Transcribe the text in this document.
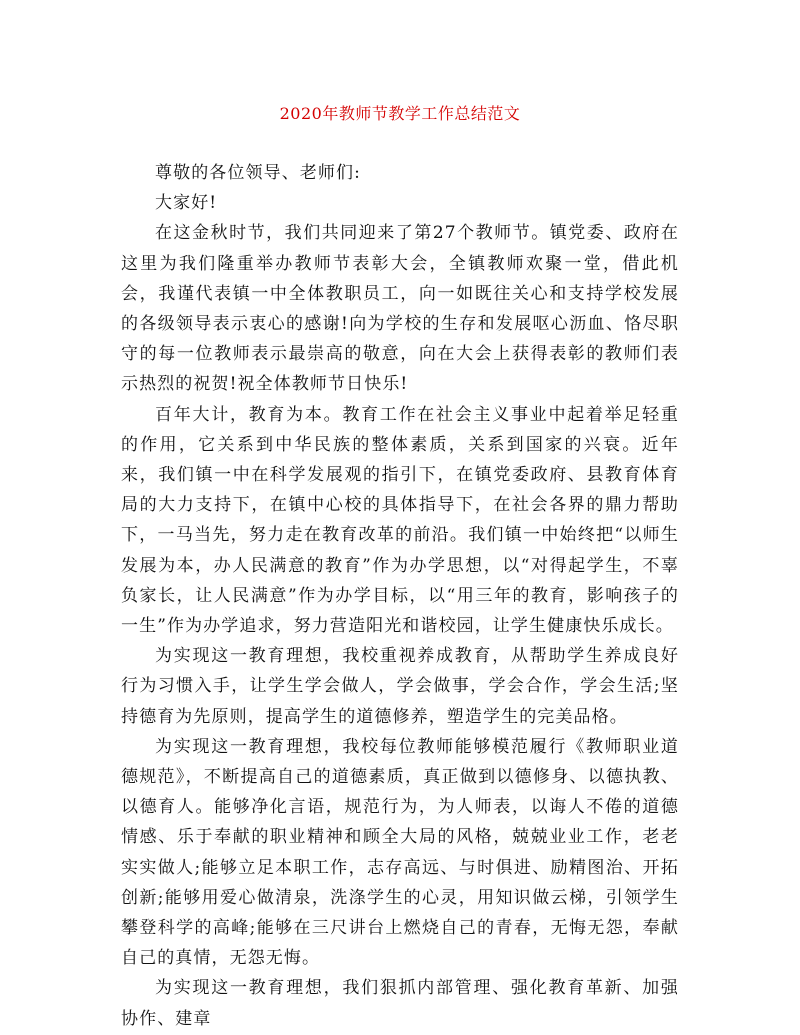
2020年教师节教学工作总结范文

尊敬的各位领导、老师们:

大家好!

在这金秋时节，我们共同迎来了第27个教师节。镇党委、政府在这里为我们隆重举办教师节表彰大会，全镇教师欢聚一堂，借此机会，我谨代表镇一中全体教职员工，向一如既往关心和支持学校发展的各级领导表示衷心的感谢!向为学校的生存和发展呕心沥血、恪尽职守的每一位教师表示最崇高的敬意，向在大会上获得表彰的教师们表示热烈的祝贺!祝全体教师节日快乐!

百年大计，教育为本。教育工作在社会主义事业中起着举足轻重的作用，它关系到中华民族的整体素质，关系到国家的兴衰。近年来，我们镇一中在科学发展观的指引下，在镇党委政府、县教育体育局的大力支持下，在镇中心校的具体指导下，在社会各界的鼎力帮助下，一马当先，努力走在教育改革的前沿。我们镇一中始终把“以师生发展为本，办人民满意的教育”作为办学思想，以“对得起学生，不辜负家长，让人民满意”作为办学目标，以“用三年的教育，影响孩子的一生”作为办学追求，努力营造阳光和谐校园，让学生健康快乐成长。

为实现这一教育理想，我校重视养成教育，从帮助学生养成良好行为习惯入手，让学生学会做人，学会做事，学会合作，学会生活;坚持德育为先原则，提高学生的道德修养，塑造学生的完美品格。

为实现这一教育理想，我校每位教师能够模范履行《教师职业道德规范》，不断提高自己的道德素质，真正做到以德修身、以德执教、以德育人。能够净化言语，规范行为，为人师表，以诲人不倦的道德情感、乐于奉献的职业精神和顾全大局的风格，兢兢业业工作，老老实实做人;能够立足本职工作，志存高远、与时俱进、励精图治、开拓创新;能够用爱心做清泉，洗涤学生的心灵，用知识做云梯，引领学生攀登科学的高峰;能够在三尺讲台上燃烧自己的青春，无悔无怨，奉献自己的真情，无怨无悔。

为实现这一教育理想，我们狠抓内部管理、强化教育革新、加强协作、建章
